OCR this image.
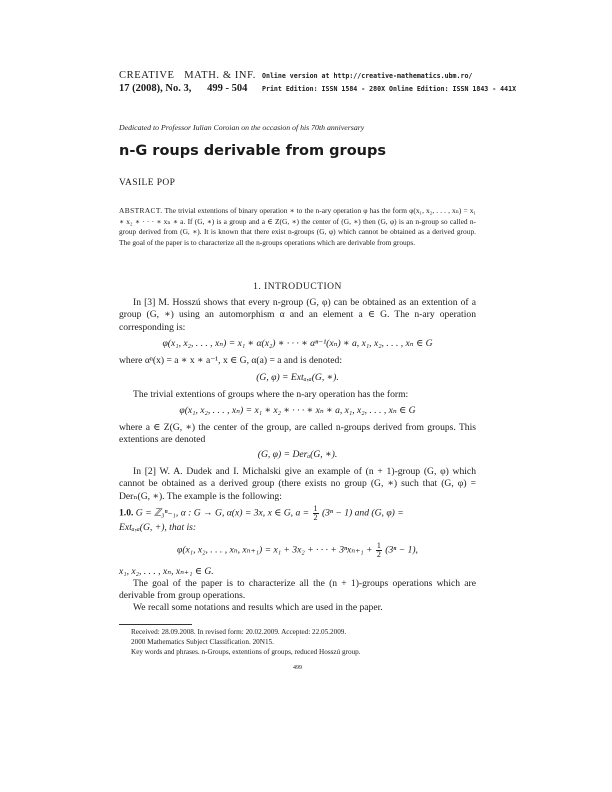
CREATIVE   MATH. & INF.
17 (2008), No. 3,      499 - 504
Online version at http://creative-mathematics.ubm.ro/
Print Edition: ISSN 1584 - 280X Online Edition: ISSN 1843 - 441X
Dedicated to Professor Iulian Coroian on the occasion of his 70th anniversary
n-G roups derivable from groups
VASILE POP
ABSTRACT. The trivial extentions of binary operation ∗ to the n-ary operation φ has the form φ(x₁, x₂, . . . , xₙ) = x₁ ∗ x₂ ∗ · · · ∗ xₙ ∗ a. If (G, ∗) is a group and a ∈ Z(G, ∗) the center of (G, ∗) then (G, φ) is an n-group so called n-group derived from (G, ∗). It is known that there exist n-groups (G, φ) which cannot be obtained as a derived group. The goal of the paper is to characterize all the n-groups operations which are derivable from groups.
1. INTRODUCTION
In [3] M. Hosszú shows that every n-group (G, φ) can be obtained as an extention of a group (G, ∗) using an automorphism α and an element a ∈ G. The n-ary operation corresponding is:
φ(x₁, x₂, . . . , xₙ) = x₁ ∗ α(x₂) ∗ · · · ∗ αⁿ⁻¹(xₙ) ∗ a, x₁, x₂, . . . , xₙ ∈ G
where αⁿ(x) = a ∗ x ∗ a⁻¹, x ∈ G, α(a) = a and is denoted:
(G, φ) = Extₐ,ₐ(G, ∗).
The trivial extentions of groups where the n-ary operation has the form:
φ(x₁, x₂, . . . , xₙ) = x₁ ∗ x₂ ∗ · · · ∗ xₙ ∗ a, x₁, x₂, . . . , xₙ ∈ G
where a ∈ Z(G, ∗) the center of the group, are called n-groups derived from groups. This extentions are denoted
(G, φ) = Derₐ(G, ∗).
In [2] W. A. Dudek and I. Michalski give an example of (n + 1)-group (G, φ) which cannot be obtained as a derived group (there exists no group (G, ∗) such that (G, φ) = Derₙ(G, ∗). The example is the following:
1.0. G = ℤ₃ⁿ₋₁, α : G → G, α(x) = 3x, x ∈ G, $a = \frac{1}{2} (3^n - 1)$ and (G, φ) =
Extₐ,ₐ(G, +), that is:
φ(x₁, x₂, . . . , xₙ, xₙ₊₁) = x₁ + 3x₂ + · · · + $3^nx_{n+1} + \frac{1}{2} (3^n - 1)$,
x₁, x₂, . . . , xₙ, xₙ₊₁ ∈ G.
The goal of the paper is to characterize all the (n + 1)-groups operations which are derivable from group operations.
We recall some notations and results which are used in the paper.
Received: 28.09.2008. In revised form: 20.02.2009. Accepted: 22.05.2009.
2000 Mathematics Subject Classification. 20N15.
Key words and phrases. n-Groups, extentions of groups, reduced Hosszú group.
499
